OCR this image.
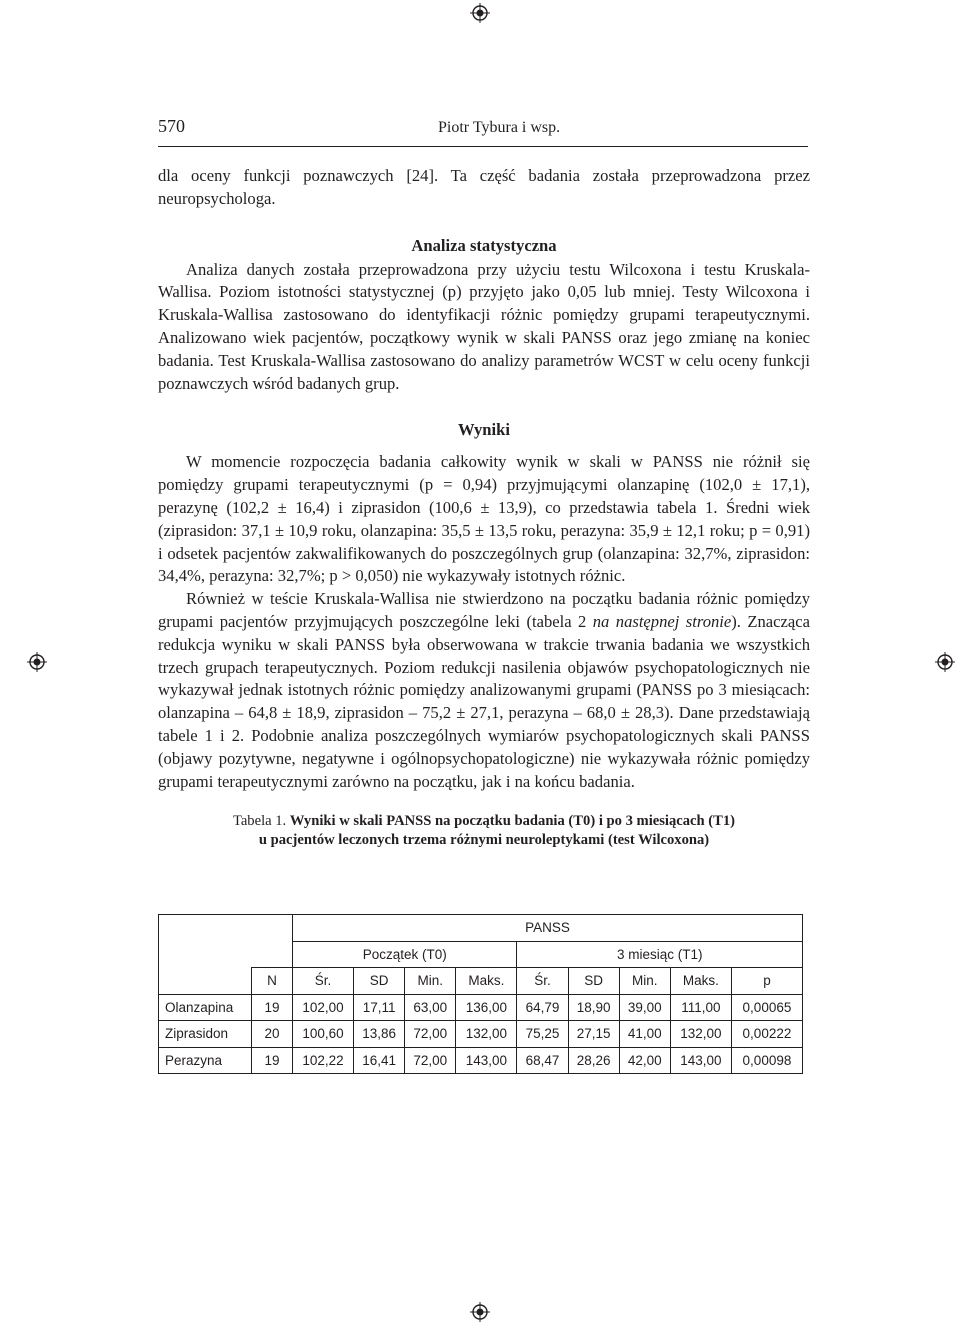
570	Piotr Tybura i wsp.

dla oceny funkcji poznawczych [24]. Ta część badania została przeprowadzona przez neuropsychologa.

Analiza statystyczna

Analiza danych została przeprowadzona przy użyciu testu Wilcoxona i testu Kruskala-Wallisa. Poziom istotności statystycznej (p) przyjęto jako 0,05 lub mniej. Testy Wilcoxona i Kruskala-Wallisa zastosowano do identyfikacji różnic pomiędzy grupami terapeutycznymi. Analizowano wiek pacjentów, początkowy wynik w skali PANSS oraz jego zmianę na koniec badania. Test Kruskala-Wallisa zastosowano do analizy parametrów WCST w celu oceny funkcji poznawczych wśród badanych grup.

Wyniki

W momencie rozpoczęcia badania całkowity wynik w skali w PANSS nie różnił się pomiędzy grupami terapeutycznymi (p = 0,94) przyjmującymi olanzapinę (102,0 ± 17,1), perazynę (102,2 ± 16,4) i ziprasidon (100,6 ± 13,9), co przedstawia tabela 1. Średni wiek (ziprasidon: 37,1 ± 10,9 roku, olanzapina: 35,5 ± 13,5 roku, perazyna: 35,9 ± 12,1 roku; p = 0,91) i odsetek pacjentów zakwalifikowanych do poszczególnych grup (olanzapina: 32,7%, ziprasidon: 34,4%, perazyna: 32,7%; p > 0,050) nie wykazywały istotnych różnic.

Również w teście Kruskala-Wallisa nie stwierdzono na początku badania różnic pomiędzy grupami pacjentów przyjmujących poszczególne leki (tabela 2 na następnej stronie). Znacząca redukcja wyniku w skali PANSS była obserwowana w trakcie trwania badania we wszystkich trzech grupach terapeutycznych. Poziom redukcji nasilenia objawów psychopatologicznych nie wykazywał jednak istotnych różnic pomiędzy analizowanymi grupami (PANSS po 3 miesiącach: olanzapina – 64,8 ± 18,9, ziprasidon – 75,2 ± 27,1, perazyna – 68,0 ± 28,3). Dane przedstawiają tabele 1 i 2. Podobnie analiza poszczególnych wymiarów psychopatologicznych skali PANSS (objawy pozytywne, negatywne i ogólnopsychopatologiczne) nie wykazywała różnic pomiędzy grupami terapeutycznymi zarówno na początku, jak i na końcu badania.

Tabela 1. Wyniki w skali PANSS na początku badania (T0) i po 3 miesiącach (T1)
u pacjentów leczonych trzema różnymi neuroleptykami (test Wilcoxona)
		PANSS								
		Początek (T0)				3 miesiąc (T1)				
	N	Śr.	SD	Min.	Maks.	Śr.	SD	Min.	Maks.	p
Olanzapina	19	102,00	17,11	63,00	136,00	64,79	18,90	39,00	111,00	0,00065
Ziprasidon	20	100,60	13,86	72,00	132,00	75,25	27,15	41,00	132,00	0,00222
Perazyna	19	102,22	16,41	72,00	143,00	68,47	28,26	42,00	143,00	0,00098
